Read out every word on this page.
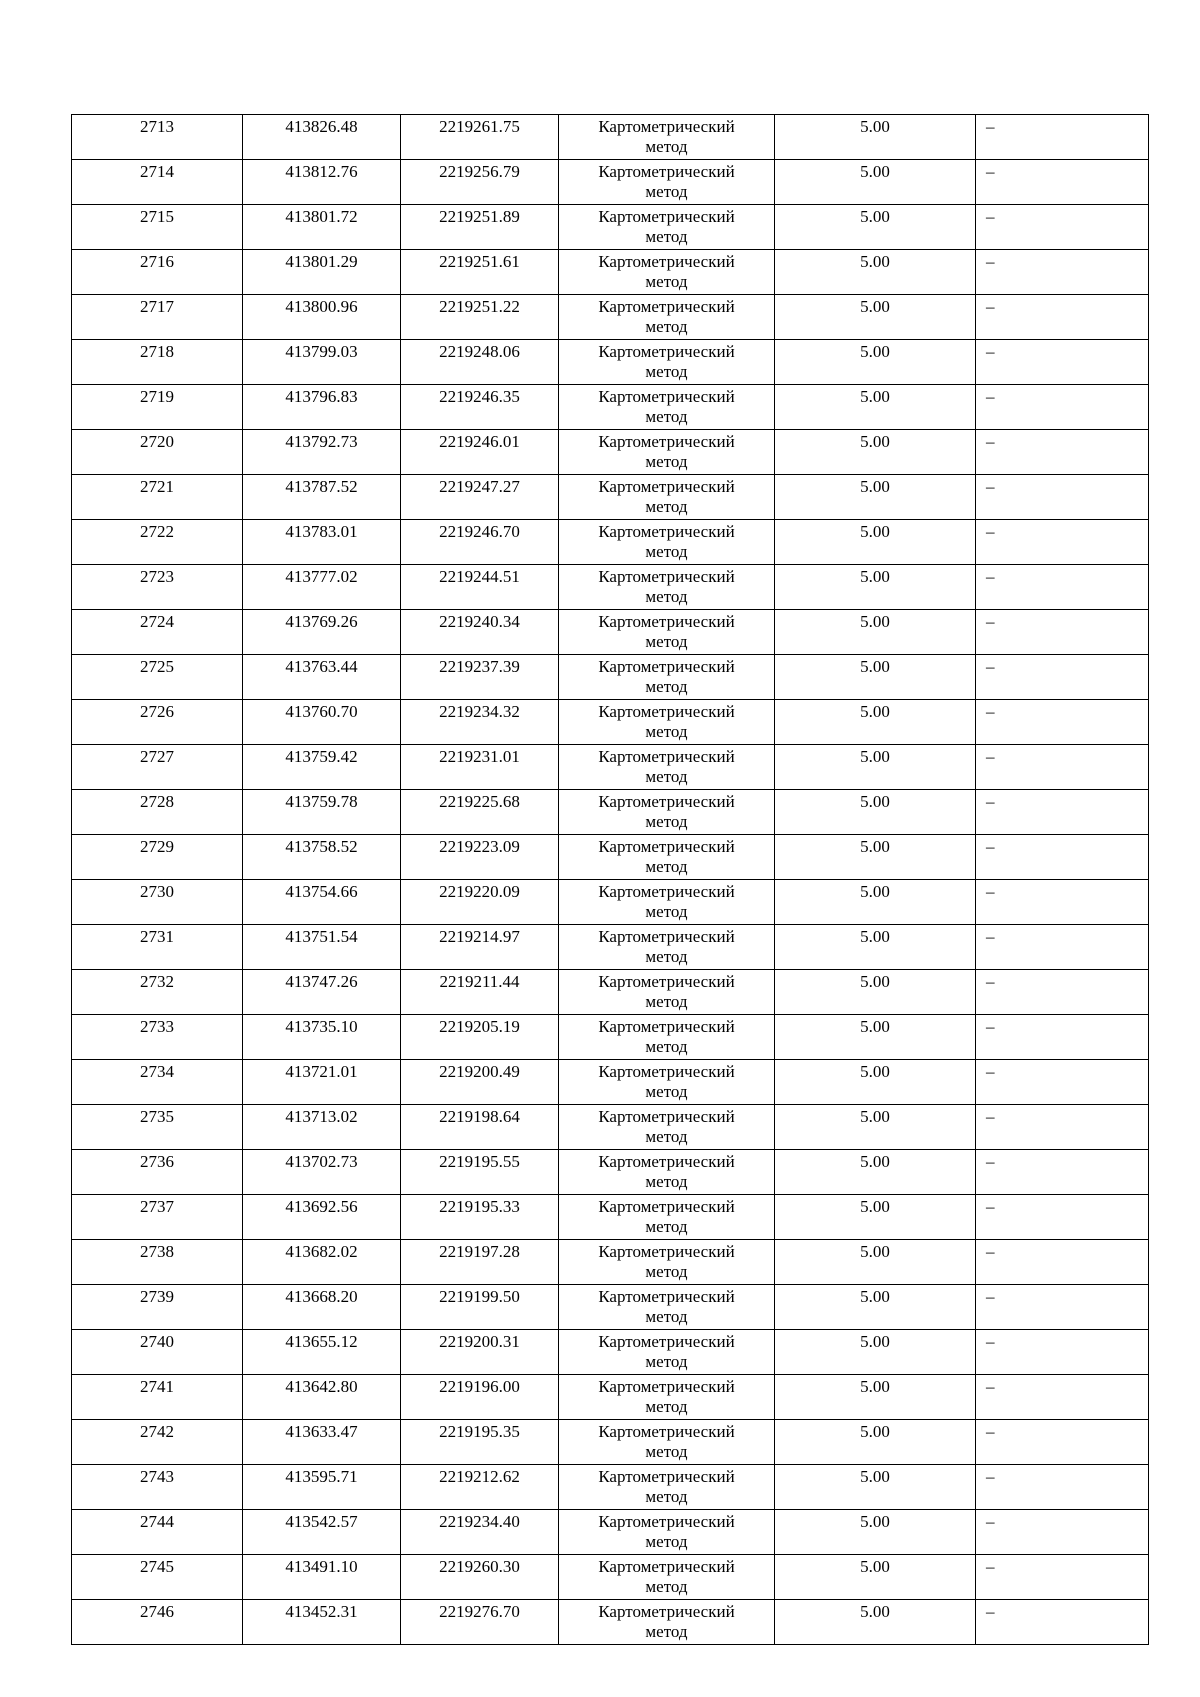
2713	413826.48	2219261.75	Картометрический метод	5.00	–
2714	413812.76	2219256.79	Картометрический метод	5.00	–
2715	413801.72	2219251.89	Картометрический метод	5.00	–
2716	413801.29	2219251.61	Картометрический метод	5.00	–
2717	413800.96	2219251.22	Картометрический метод	5.00	–
2718	413799.03	2219248.06	Картометрический метод	5.00	–
2719	413796.83	2219246.35	Картометрический метод	5.00	–
2720	413792.73	2219246.01	Картометрический метод	5.00	–
2721	413787.52	2219247.27	Картометрический метод	5.00	–
2722	413783.01	2219246.70	Картометрический метод	5.00	–
2723	413777.02	2219244.51	Картометрический метод	5.00	–
2724	413769.26	2219240.34	Картометрический метод	5.00	–
2725	413763.44	2219237.39	Картометрический метод	5.00	–
2726	413760.70	2219234.32	Картометрический метод	5.00	–
2727	413759.42	2219231.01	Картометрический метод	5.00	–
2728	413759.78	2219225.68	Картометрический метод	5.00	–
2729	413758.52	2219223.09	Картометрический метод	5.00	–
2730	413754.66	2219220.09	Картометрический метод	5.00	–
2731	413751.54	2219214.97	Картометрический метод	5.00	–
2732	413747.26	2219211.44	Картометрический метод	5.00	–
2733	413735.10	2219205.19	Картометрический метод	5.00	–
2734	413721.01	2219200.49	Картометрический метод	5.00	–
2735	413713.02	2219198.64	Картометрический метод	5.00	–
2736	413702.73	2219195.55	Картометрический метод	5.00	–
2737	413692.56	2219195.33	Картометрический метод	5.00	–
2738	413682.02	2219197.28	Картометрический метод	5.00	–
2739	413668.20	2219199.50	Картометрический метод	5.00	–
2740	413655.12	2219200.31	Картометрический метод	5.00	–
2741	413642.80	2219196.00	Картометрический метод	5.00	–
2742	413633.47	2219195.35	Картометрический метод	5.00	–
2743	413595.71	2219212.62	Картометрический метод	5.00	–
2744	413542.57	2219234.40	Картометрический метод	5.00	–
2745	413491.10	2219260.30	Картометрический метод	5.00	–
2746	413452.31	2219276.70	Картометрический метод	5.00	–
